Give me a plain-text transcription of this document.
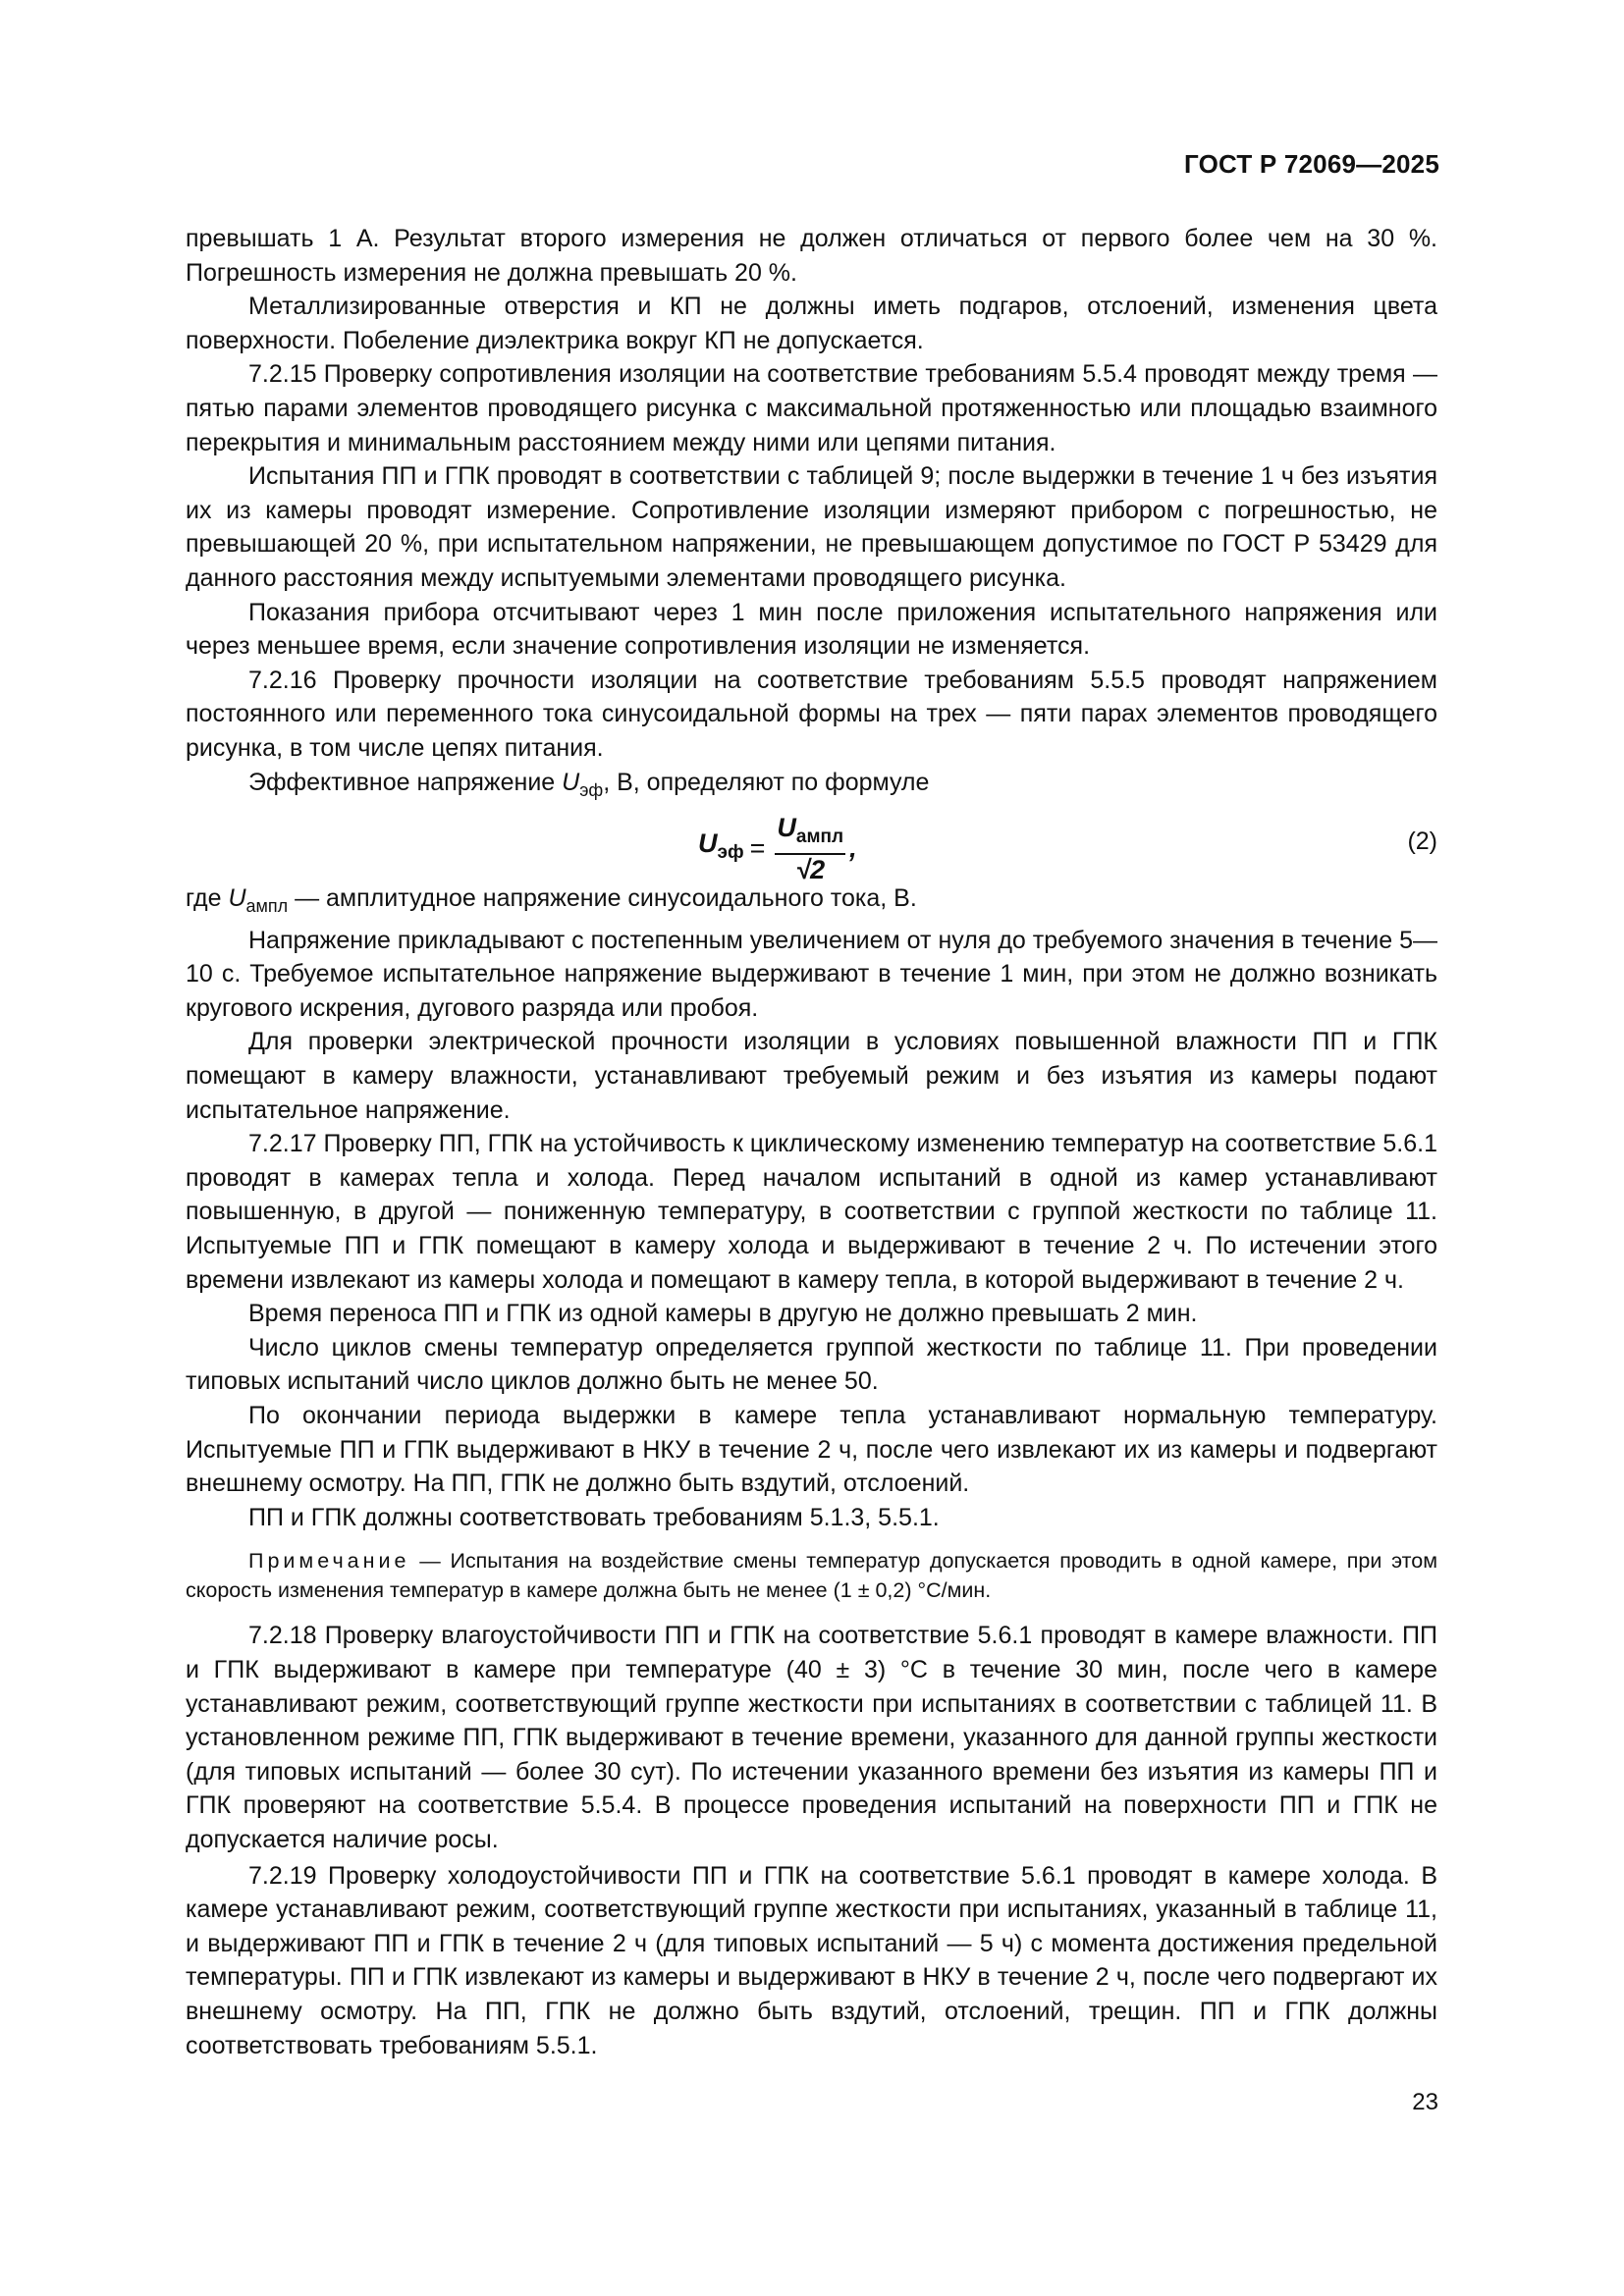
ГОСТ Р 72069—2025

превышать 1 А. Результат второго измерения не должен отличаться от первого более чем на 30 %. Погрешность измерения не должна превышать 20 %.

Металлизированные отверстия и КП не должны иметь подгаров, отслоений, изменения цвета поверхности. Побеление диэлектрика вокруг КП не допускается.

7.2.15 Проверку сопротивления изоляции на соответствие требованиям 5.5.4 проводят между тремя — пятью парами элементов проводящего рисунка с максимальной протяженностью или площадью взаимного перекрытия и минимальным расстоянием между ними или цепями питания.

Испытания ПП и ГПК проводят в соответствии с таблицей 9; после выдержки в течение 1 ч без изъятия их из камеры проводят измерение. Сопротивление изоляции измеряют прибором с погрешностью, не превышающей 20 %, при испытательном напряжении, не превышающем допустимое по ГОСТ Р 53429 для данного расстояния между испытуемыми элементами проводящего рисунка.

Показания прибора отсчитывают через 1 мин после приложения испытательного напряжения или через меньшее время, если значение сопротивления изоляции не изменяется.

7.2.16 Проверку прочности изоляции на соответствие требованиям 5.5.5 проводят напряжением постоянного или переменного тока синусоидальной формы на трех — пяти парах элементов проводящего рисунка, в том числе цепях питания.

Эффективное напряжение $U_{эф}$, В, определяют по формуле

$U_{эф} = \frac{U_{ампл}}{√2}$ ,	(2)

где $U_{ампл}$ — амплитудное напряжение синусоидального тока, В.

Напряжение прикладывают с постепенным увеличением от нуля до требуемого значения в течение 5—10 с. Требуемое испытательное напряжение выдерживают в течение 1 мин, при этом не должно возникать кругового искрения, дугового разряда или пробоя.

Для проверки электрической прочности изоляции в условиях повышенной влажности ПП и ГПК помещают в камеру влажности, устанавливают требуемый режим и без изъятия из камеры подают испытательное напряжение.

7.2.17 Проверку ПП, ГПК на устойчивость к циклическому изменению температур на соответствие 5.6.1 проводят в камерах тепла и холода. Перед началом испытаний в одной из камер устанавливают повышенную, в другой — пониженную температуру, в соответствии с группой жесткости по таблице 11. Испытуемые ПП и ГПК помещают в камеру холода и выдерживают в течение 2 ч. По истечении этого времени извлекают из камеры холода и помещают в камеру тепла, в которой выдерживают в течение 2 ч.

Время переноса ПП и ГПК из одной камеры в другую не должно превышать 2 мин.

Число циклов смены температур определяется группой жесткости по таблице 11. При проведении типовых испытаний число циклов должно быть не менее 50.

По окончании периода выдержки в камере тепла устанавливают нормальную температуру. Испытуемые ПП и ГПК выдерживают в НКУ в течение 2 ч, после чего извлекают их из камеры и подвергают внешнему осмотру. На ПП, ГПК не должно быть вздутий, отслоений.

ПП и ГПК должны соответствовать требованиям 5.1.3, 5.5.1.

Примечание — Испытания на воздействие смены температур допускается проводить в одной камере, при этом скорость изменения температур в камере должна быть не менее (1 ± 0,2) °С/мин.

7.2.18 Проверку влагоустойчивости ПП и ГПК на соответствие 5.6.1 проводят в камере влажности. ПП и ГПК выдерживают в камере при температуре (40 ± 3) °С в течение 30 мин, после чего в камере устанавливают режим, соответствующий группе жесткости при испытаниях в соответствии с таблицей 11. В установленном режиме ПП, ГПК выдерживают в течение времени, указанного для данной группы жесткости (для типовых испытаний — более 30 сут). По истечении указанного времени без изъятия из камеры ПП и ГПК проверяют на соответствие 5.5.4. В процессе проведения испытаний на поверхности ПП и ГПК не допускается наличие росы.

7.2.19 Проверку холодоустойчивости ПП и ГПК на соответствие 5.6.1 проводят в камере холода. В камере устанавливают режим, соответствующий группе жесткости при испытаниях, указанный в таблице 11, и выдерживают ПП и ГПК в течение 2 ч (для типовых испытаний — 5 ч) с момента достижения предельной температуры. ПП и ГПК извлекают из камеры и выдерживают в НКУ в течение 2 ч, после чего подвергают их внешнему осмотру. На ПП, ГПК не должно быть вздутий, отслоений, трещин. ПП и ГПК должны соответствовать требованиям 5.5.1.

23
